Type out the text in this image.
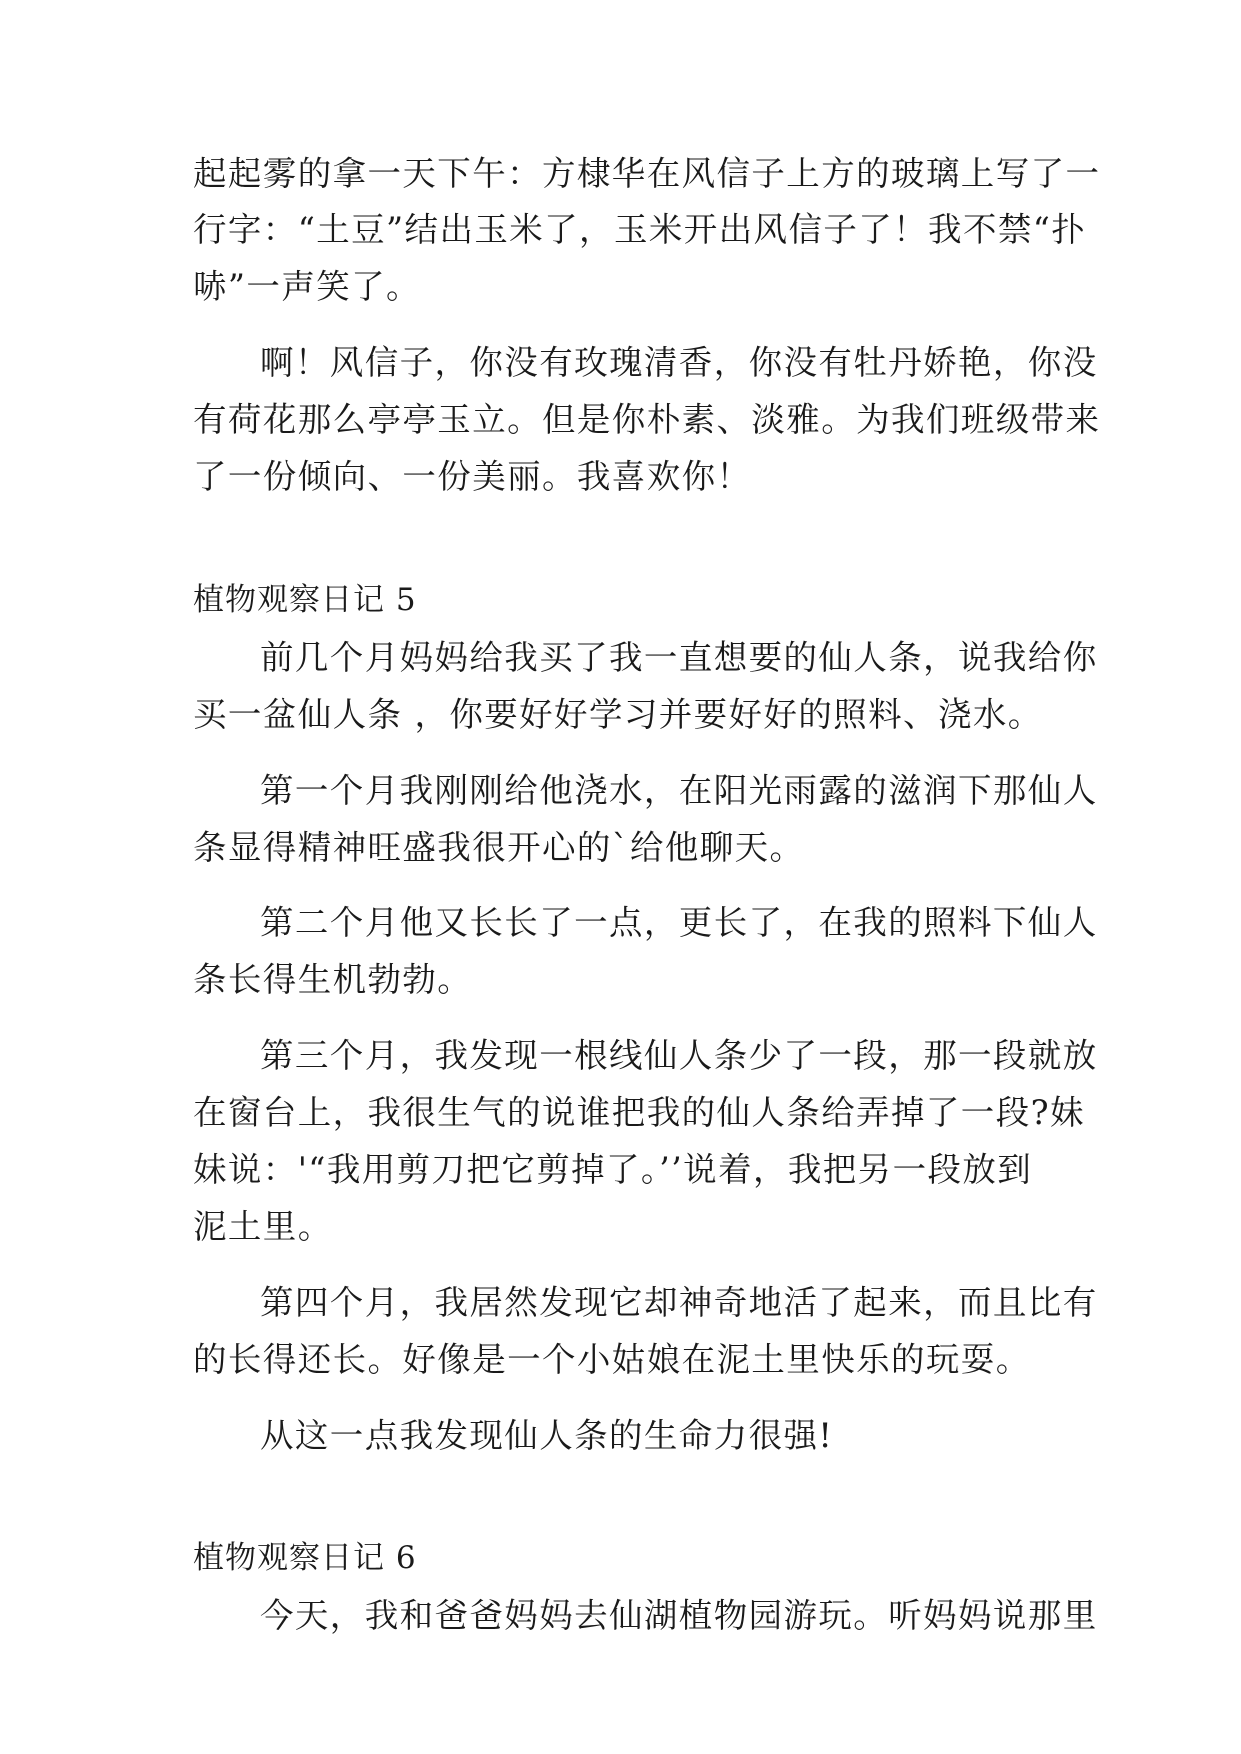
起起雾的拿一天下午：方棣华在风信子上方的玻璃上写了一
行字：“土豆”结出玉米了，玉米开出风信子了！我不禁“扑
哧”一声笑了。
啊！风信子，你没有玫瑰清香，你没有牡丹娇艳，你没
有荷花那么亭亭玉立。但是你朴素、淡雅。为我们班级带来
了一份倾向、一份美丽。我喜欢你！
植物观察日记 5
前几个月妈妈给我买了我一直想要的仙人条，说我给你
买一盆仙人条 ，你要好好学习并要好好的照料、浇水。
第一个月我刚刚给他浇水，在阳光雨露的滋润下那仙人
条显得精神旺盛我很开心的`给他聊天。
第二个月他又长长了一点，更长了，在我的照料下仙人
条长得生机勃勃。
第三个月，我发现一根线仙人条少了一段，那一段就放
在窗台上，我很生气的说谁把我的仙人条给弄掉了一段?妹
妹说：'“我用剪刀把它剪掉了。’’说着，我把另一段放到
泥土里。
第四个月，我居然发现它却神奇地活了起来，而且比有
的长得还长。好像是一个小姑娘在泥土里快乐的玩耍。
从这一点我发现仙人条的生命力很强!
植物观察日记 6
今天，我和爸爸妈妈去仙湖植物园游玩。听妈妈说那里
